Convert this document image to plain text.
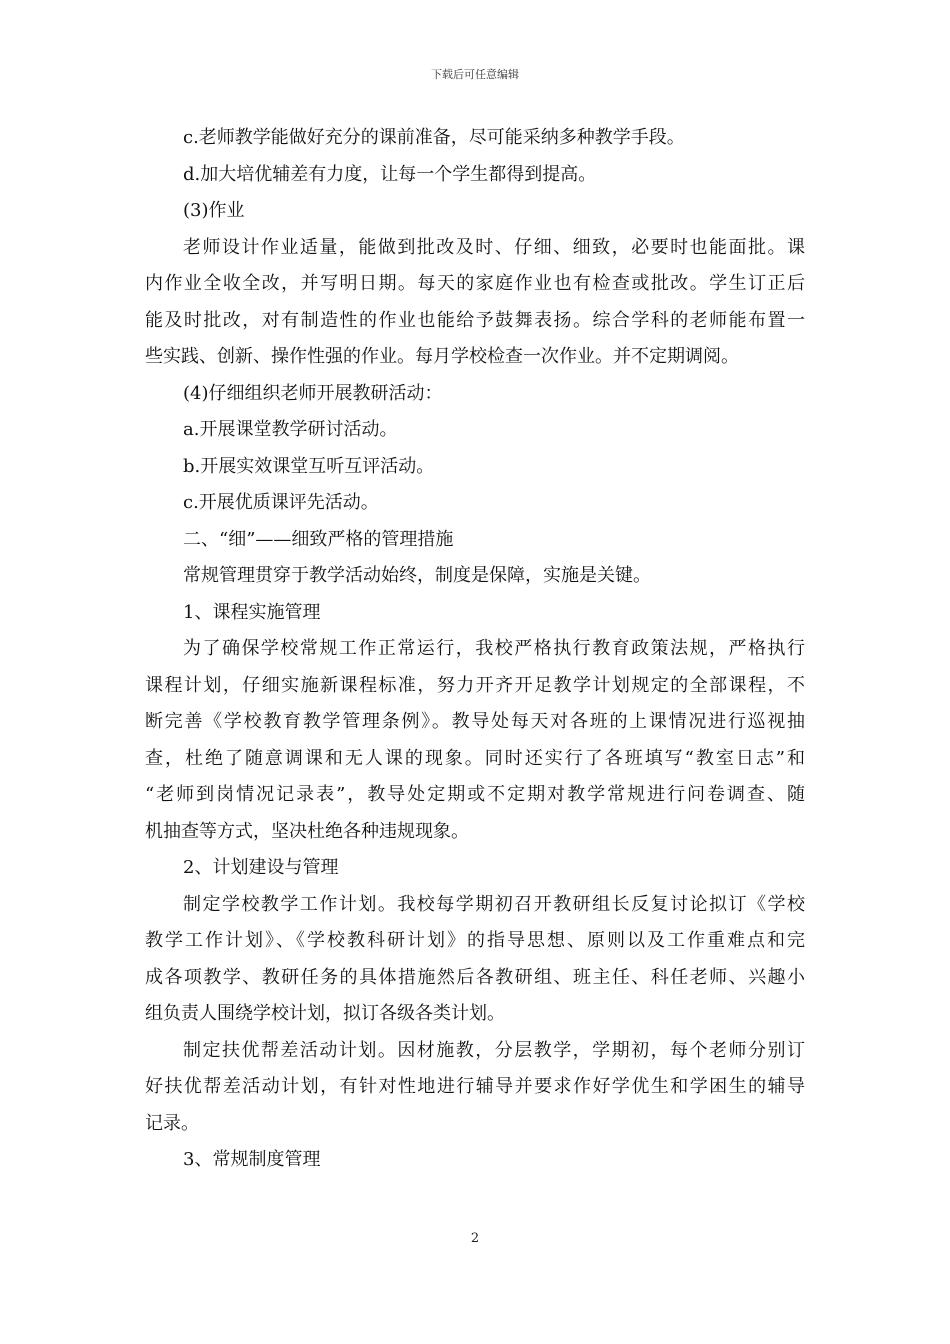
下载后可任意编辑
c.老师教学能做好充分的课前准备，尽可能采纳多种教学手段。
d.加大培优辅差有力度，让每一个学生都得到提高。
(3)作业
老师设计作业适量，能做到批改及时、仔细、细致，必要时也能面批。课
内作业全收全改，并写明日期。每天的家庭作业也有检查或批改。学生订正后
能及时批改，对有制造性的作业也能给予鼓舞表扬。综合学科的老师能布置一
些实践、创新、操作性强的作业。每月学校检查一次作业。并不定期调阅。
(4)仔细组织老师开展教研活动：
a.开展课堂教学研讨活动。
b.开展实效课堂互听互评活动。
c.开展优质课评先活动。
二、“细”——细致严格的管理措施
常规管理贯穿于教学活动始终，制度是保障，实施是关键。
1、课程实施管理
为了确保学校常规工作正常运行，我校严格执行教育政策法规，严格执行
课程计划，仔细实施新课程标准，努力开齐开足教学计划规定的全部课程，不
断完善《学校教育教学管理条例》。教导处每天对各班的上课情况进行巡视抽
查，杜绝了随意调课和无人课的现象。同时还实行了各班填写“教室日志”和
“老师到岗情况记录表”，教导处定期或不定期对教学常规进行问卷调查、随
机抽查等方式，坚决杜绝各种违规现象。
2、计划建设与管理
制定学校教学工作计划。我校每学期初召开教研组长反复讨论拟订《学校
教学工作计划》、《学校教科研计划》的指导思想、原则以及工作重难点和完
成各项教学、教研任务的具体措施然后各教研组、班主任、科任老师、兴趣小
组负责人围绕学校计划，拟订各级各类计划。
制定扶优帮差活动计划。因材施教，分层教学，学期初，每个老师分别订
好扶优帮差活动计划，有针对性地进行辅导并要求作好学优生和学困生的辅导
记录。
3、常规制度管理
2
